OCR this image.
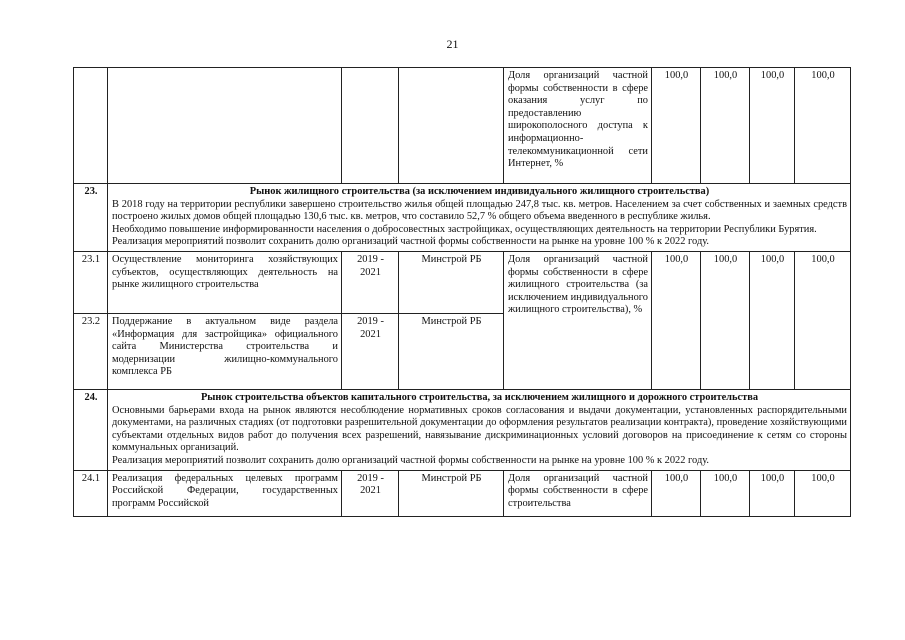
21
				Доля организаций частной формы собственности в сфере оказания услуг по предоставлению широкополосного доступа к информационно-телекоммуникационной сети Интернет, %	100,0	100,0	100,0	100,0
23.	Рынок жилищного строительства (за исключением индивидуального жилищного строительства)
В 2018 году на территории республики завершено строительство жилья общей площадью 247,8 тыс. кв. метров. Населением за счет собственных и заемных средств построено жилых домов общей площадью 130,6 тыс. кв. метров, что составило 52,7 % общего объема введенного в республике жилья.
Необходимо повышение информированности населения о добросовестных застройщиках, осуществляющих деятельность на территории Республики Бурятия.
Реализация мероприятий позволит сохранить долю организаций частной формы собственности на рынке на уровне 100 % к 2022 году.							

23.1	Осуществление мониторинга хозяйствующих субъектов, осуществляющих деятельность на рынке жилищного строительства	2019 - 2021	Минстрой РБ	Доля организаций частной формы собственности в сфере жилищного строительства (за исключением индивидуального жилищного строительства), %	100,0	100,0	100,0	100,0
23.2	Поддержание в актуальном виде раздела «Информация для застройщика» официального сайта Министерства строительства и модернизации жилищно-коммунального комплекса РБ	2019 - 2021	Минстрой РБ					
24.	Рынок строительства объектов капитального строительства, за исключением жилищного и дорожного строительства
Основными барьерами входа на рынок являются несоблюдение нормативных сроков согласования и выдачи документации, установленных распорядительными документами, на различных стадиях (от подготовки разрешительной документации до оформления результатов реализации контракта), проведение хозяйствующими субъектами отдельных видов работ до получения всех разрешений, навязывание дискриминационных условий договоров на присоединение к сетям со стороны коммунальных организаций.
Реализация мероприятий позволит сохранить долю организаций частной формы собственности на рынке на уровне 100 % к 2022 году.							

24.1	Реализация федеральных целевых программ Российской Федерации, государственных программ Российской	2019 - 2021	Минстрой РБ	Доля организаций частной формы собственности в сфере строительства	100,0	100,0	100,0	100,0
